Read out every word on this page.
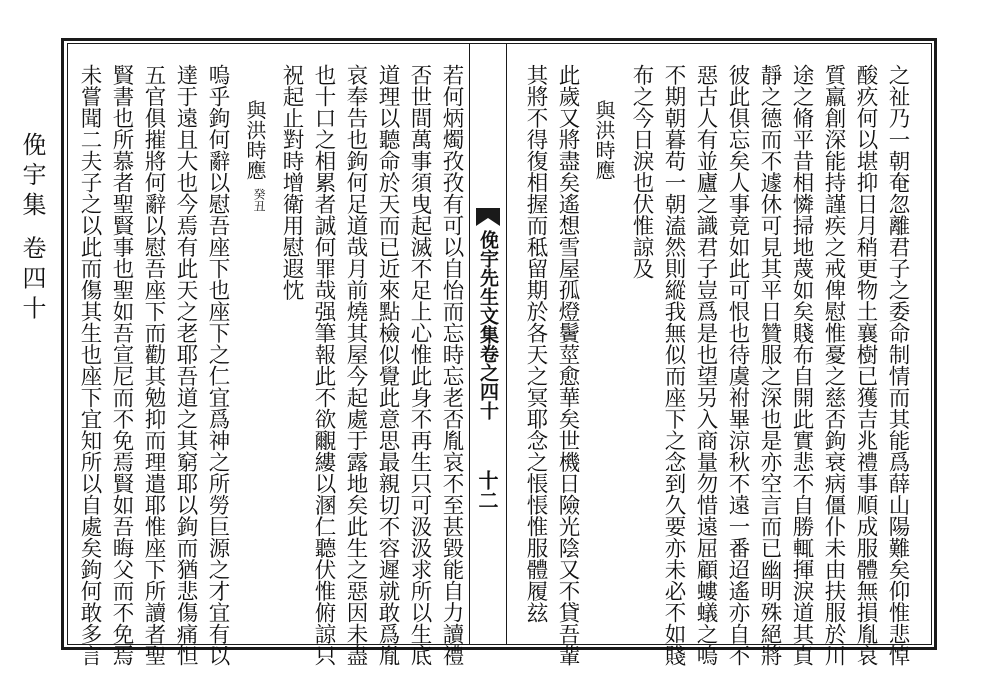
俛宇集 卷四十	俛宇先生文集卷之四十
十二	之祉乃一朝奄忽離君子之委命制情而其能爲薛山陽難矣仰惟悲悼
酸疚何以堪抑日月稍更物土襄樹已獲吉兆禮事順成服體無損胤哀
質羸創深能持謹疾之戒俾慰惟憂之慈否鉤衰病僵仆未由扶服於川
途之脩平昔相憐掃地蔑如矣賤布自開此實悲不自勝輒揮淚道其貞
靜之德而不遽休可見其平日贊服之深也是亦空言而已幽明殊絕將
彼此俱忘矣人事竟如此可恨也待虞祔畢涼秋不遠一番迢遙亦自不
惡古人有並廬之識君子豈爲是也望另入商量勿惜遠屈顧螻蟻之嗚
不期朝暮苟一朝溘然則縱我無似而座下之念到久要亦未必不如賤
布之今日淚也伏惟諒及
與洪時應
此歲又將盡矣遙想雪屋孤燈鬢莖愈華矣世機日險光陰又不貸吾輩
其將不得復相握而秪留期於各天之冥耶念之悵悵惟服體履玆
若何炳燭孜孜有可以自怡而忘時忘老否胤哀不至甚毀能自力讀禮
否世間萬事須曳起滅不足上心惟此身不再生只可汲汲求所以生底
道理以聽命於天而已近來點檢似覺此意思最親切不容遲就敢爲胤
哀奉告也鉤何足道哉月前燒其屋今起處于露地矣此生之惡因未盡
也十口之相累者誠何罪哉强筆報此不欲覼縷以溷仁聽伏惟俯諒只
祝起止對時增衛用慰遐忱
與洪時應
癸丑
嗚乎鉤何辭以慰吾座下也座下之仁宜爲神之所勞巨源之才宜有以
達于遠且大也今焉有此天之老耶吾道之其窮耶以鉤而猶悲傷痛怛
五官俱摧將何辭以慰吾座下而勸其勉抑而理遣耶惟座下所讀者聖
賢書也所慕者聖賢事也聖如吾宣尼而不免焉賢如吾晦父而不免焉
未嘗聞二夫子之以此而傷其生也座下宜知所以自處矣鉤何敢多言
